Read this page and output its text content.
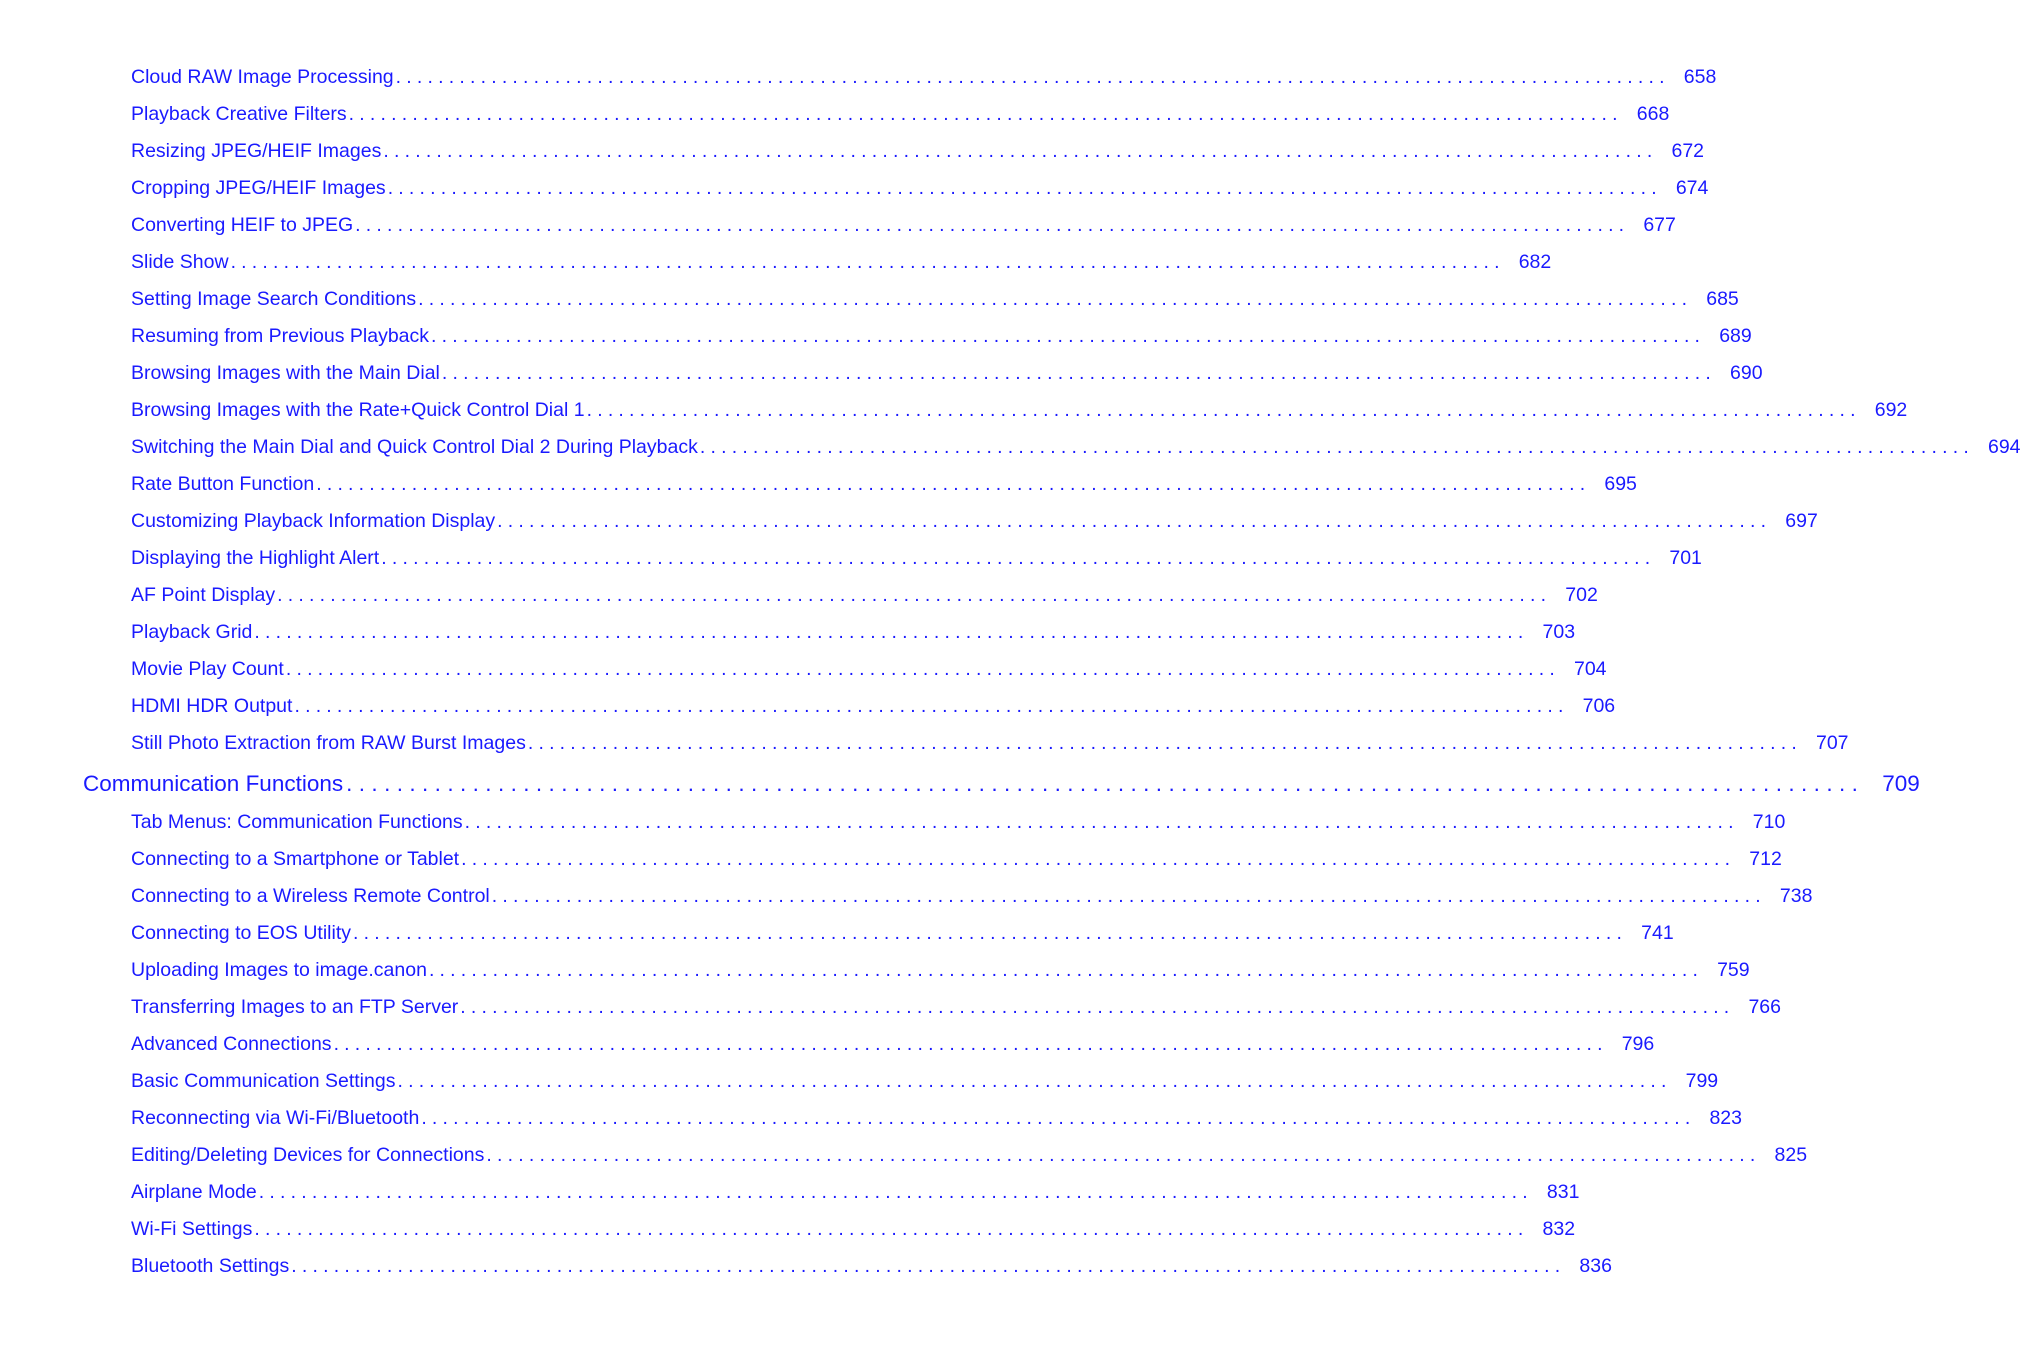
Cloud RAW Image Processing ........................................................................................................................ 658
Playback Creative Filters ........................................................................................................................ 668
Resizing JPEG/HEIF Images ........................................................................................................................ 672
Cropping JPEG/HEIF Images ........................................................................................................................ 674
Converting HEIF to JPEG ........................................................................................................................ 677
Slide Show ........................................................................................................................ 682
Setting Image Search Conditions ........................................................................................................................ 685
Resuming from Previous Playback ........................................................................................................................ 689
Browsing Images with the Main Dial ........................................................................................................................ 690
Browsing Images with the Rate+Quick Control Dial 1 ........................................................................................................................ 692
Switching the Main Dial and Quick Control Dial 2 During Playback ........................................................................................................................ 694
Rate Button Function ........................................................................................................................ 695
Customizing Playback Information Display ........................................................................................................................ 697
Displaying the Highlight Alert ........................................................................................................................ 701
AF Point Display ........................................................................................................................ 702
Playback Grid ........................................................................................................................ 703
Movie Play Count ........................................................................................................................ 704
HDMI HDR Output ........................................................................................................................ 706
Still Photo Extraction from RAW Burst Images ........................................................................................................................ 707
Communication Functions ........................................................................................................................ 709
Tab Menus: Communication Functions ........................................................................................................................ 710
Connecting to a Smartphone or Tablet ........................................................................................................................ 712
Connecting to a Wireless Remote Control ........................................................................................................................ 738
Connecting to EOS Utility ........................................................................................................................ 741
Uploading Images to image.canon ........................................................................................................................ 759
Transferring Images to an FTP Server ........................................................................................................................ 766
Advanced Connections ........................................................................................................................ 796
Basic Communication Settings ........................................................................................................................ 799
Reconnecting via Wi-Fi/Bluetooth ........................................................................................................................ 823
Editing/Deleting Devices for Connections ........................................................................................................................ 825
Airplane Mode ........................................................................................................................ 831
Wi-Fi Settings ........................................................................................................................ 832
Bluetooth Settings ........................................................................................................................ 836
